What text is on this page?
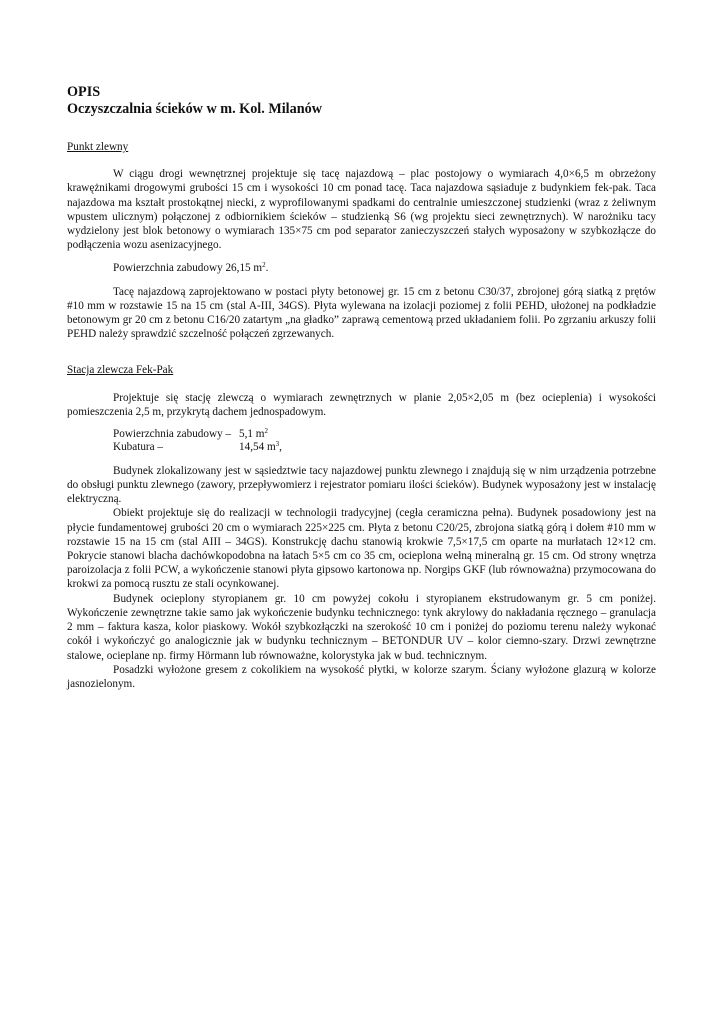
OPIS

Oczyszczalnia ścieków w m. Kol. Milanów

Punkt zlewny

W ciągu drogi wewnętrznej projektuje się tacę najazdową – plac postojowy o wymiarach 4,0×6,5 m obrzeżony krawężnikami drogowymi grubości 15 cm i wysokości 10 cm ponad tacę. Taca najazdowa sąsiaduje z budynkiem fek-pak. Taca najazdowa ma kształt prostokątnej niecki, z wyprofilowanymi spadkami do centralnie umieszczonej studzienki (wraz z żeliwnym wpustem ulicznym) połączonej z odbiornikiem ścieków – studzienką S6 (wg projektu sieci zewnętrznych). W narożniku tacy wydzielony jest blok betonowy o wymiarach 135×75 cm pod separator zanieczyszczeń stałych wyposażony w szybkozłącze do podłączenia wozu asenizacyjnego.

Powierzchnia zabudowy 26,15 $m^2$.

Tacę najazdową zaprojektowano w postaci płyty betonowej gr. 15 cm z betonu C30/37, zbrojonej górą siatką z prętów #10 mm w rozstawie 15 na 15 cm (stal A-III, 34GS). Płyta wylewana na izolacji poziomej z folii PEHD, ułożonej na podkładzie betonowym gr 20 cm z betonu C16/20 zatartym „na gładko” zaprawą cementową przed układaniem folii. Po zgrzaniu arkuszy folii PEHD należy sprawdzić szczelność połączeń zgrzewanych.

Stacja zlewcza Fek-Pak

Projektuje się stację zlewczą o wymiarach zewnętrznych w planie 2,05×2,05 m (bez ocieplenia) i wysokości pomieszczenia 2,5 m, przykrytą dachem jednospadowym.

Powierzchnia zabudowy –	5,1 $m^2$
Kubatura –	14,54 $m^3$,

Budynek zlokalizowany jest w sąsiedztwie tacy najazdowej punktu zlewnego i znajdują się w nim urządzenia potrzebne do obsługi punktu zlewnego (zawory, przepływomierz i rejestrator pomiaru ilości ścieków). Budynek wyposażony jest w instalację elektryczną.

Obiekt projektuje się do realizacji w technologii tradycyjnej (cegła ceramiczna pełna). Budynek posadowiony jest na płycie fundamentowej grubości 20 cm o wymiarach 225×225 cm. Płyta z betonu C20/25, zbrojona siatką górą i dołem #10 mm w rozstawie 15 na 15 cm (stal AIII – 34GS). Konstrukcję dachu stanowią krokwie 7,5×17,5 cm oparte na murłatach 12×12 cm. Pokrycie stanowi blacha dachówkopodobna na łatach 5×5 cm co 35 cm, ocieplona wełną mineralną gr. 15 cm. Od strony wnętrza paroizolacja z folii PCW, a wykończenie stanowi płyta gipsowo kartonowa np. Norgips GKF (lub równoważna) przymocowana do krokwi za pomocą rusztu ze stali ocynkowanej.

Budynek ocieplony styropianem gr. 10 cm powyżej cokołu i styropianem ekstrudowanym gr. 5 cm poniżej. Wykończenie zewnętrzne takie samo jak wykończenie budynku technicznego: tynk akrylowy do nakładania ręcznego – granulacja 2 mm – faktura kasza, kolor piaskowy. Wokół szybkozłączki na szerokość 10 cm i poniżej do poziomu terenu należy wykonać cokół i wykończyć go analogicznie jak w budynku technicznym – BETONDUR UV – kolor ciemno-szary. Drzwi zewnętrzne stalowe, ocieplane np. firmy Hörmann lub równoważne, kolorystyka jak w bud. technicznym.

Posadzki wyłożone gresem z cokolikiem na wysokość płytki, w kolorze szarym. Ściany wyłożone glazurą w kolorze jasnozielonym.
